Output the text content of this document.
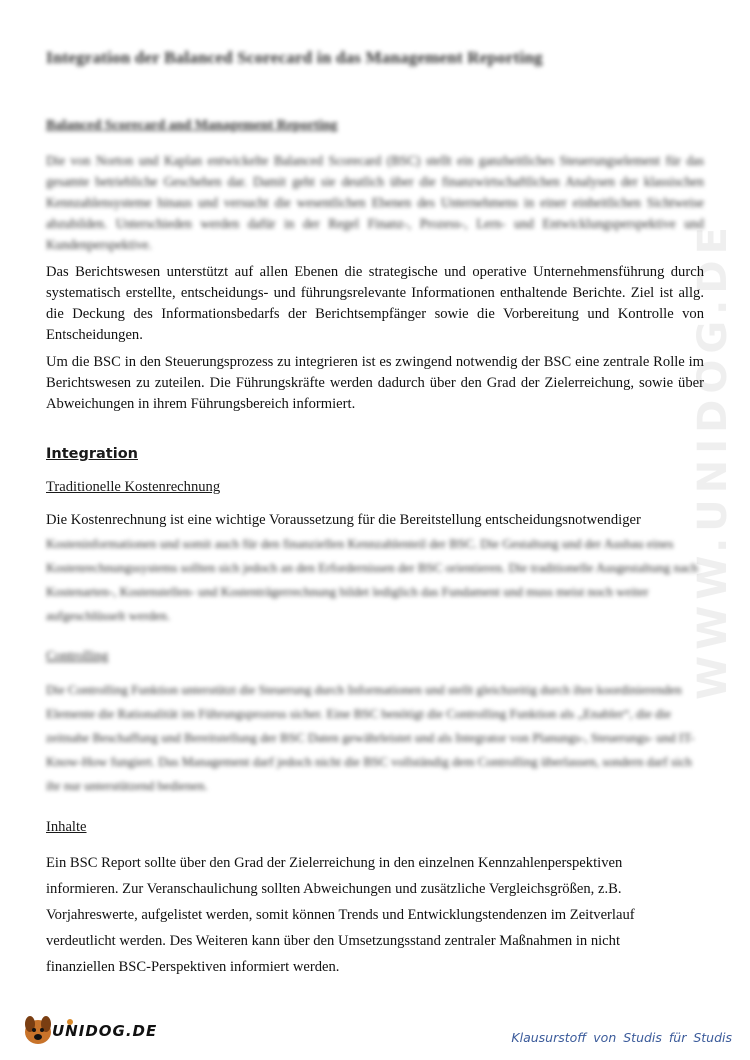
WWW.UNIDOG.DE
Integration der Balanced Scorecard in das Management Reporting
Balanced Scorecard and Management Reporting

Die von Norton und Kaplan entwickelte Balanced Scorecard (BSC) stellt ein ganzheitliches Steuerungselement für das gesamte betriebliche Geschehen dar. Damit geht sie deutlich über die finanzwirtschaftlichen Analysen der klassischen Kennzahlensysteme hinaus und versucht die wesentlichen Ebenen des Unternehmens in einer einheitlichen Sichtweise abzubilden. Unterschieden werden dafür in der Regel Finanz-, Prozess-, Lern- und Entwicklungsperspektive und Kundenperspektive.

Das Berichtswesen unterstützt auf allen Ebenen die strategische und operative Unternehmensführung durch systematisch erstellte, entscheidungs- und führungsrelevante Informationen enthaltende Berichte. Ziel ist allg. die Deckung des Informationsbedarfs der Berichtsempfänger sowie die Vorbereitung und Kontrolle von Entscheidungen.

Um die BSC in den Steuerungsprozess zu integrieren ist es zwingend notwendig der BSC eine zentrale Rolle im Berichtswesen zu zuteilen. Die Führungskräfte werden dadurch über den Grad der Zielerreichung, sowie über Abweichungen in ihrem Führungsbereich informiert.

Integration
Traditionelle Kostenrechnung

Die Kostenrechnung ist eine wichtige Voraussetzung für die Bereitstellung entscheidungsnotwendiger

Kosteninformationen und somit auch für den finanziellen Kennzahlenteil der BSC. Die Gestaltung und der Ausbau eines Kostenrechnungssystems sollten sich jedoch an den Erfordernissen der BSC orientieren. Die traditionelle Ausgestaltung nach Kostenarten-, Kostenstellen- und Kostenträgerrechnung bildet lediglich das Fundament und muss meist noch weiter aufgeschlüsselt werden.

Controlling

Die Controlling Funktion unterstützt die Steuerung durch Informationen und stellt gleichzeitig durch ihre koordinierenden Elemente die Rationalität im Führungsprozess sicher. Eine BSC benötigt die Controlling Funktion als „Enabler“, die die zeitnahe Beschaffung und Bereitstellung der BSC Daten gewährleistet und als Integrator von Planungs-, Steuerungs- und IT-Know-How fungiert. Das Management darf jedoch nicht die BSC vollständig dem Controlling überlassen, sondern darf sich ihr nur unterstützend bedienen.

Inhalte
Ein BSC Report sollte über den Grad der Zielerreichung in den einzelnen Kennzahlenperspektiven
informieren. Zur Veranschaulichung sollten Abweichungen und zusätzliche Vergleichsgrößen, z.B.
Vorjahreswerte, aufgelistet werden, somit können Trends und Entwicklungstendenzen im Zeitverlauf
verdeutlicht werden. Des Weiteren kann über den Umsetzungsstand zentraler Maßnahmen in nicht
finanziellen BSC-Perspektiven informiert werden.
UNIDOG.DE	Klausurstoff von Studis für Studis
